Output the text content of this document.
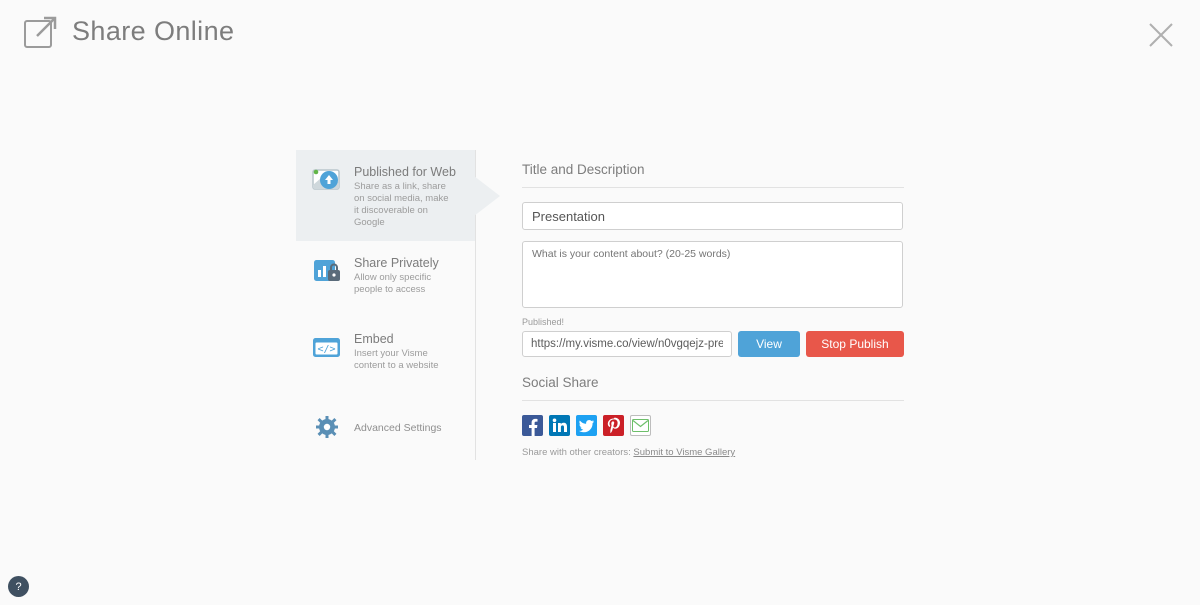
Share Online
Published for Web
Share as a link, share on social media, make it discoverable on Google
Share Privately
Allow only specific people to access
</>
Embed
Insert your Visme content to a website
Advanced Settings
Title and Description
Presentation
What is your content about? (20-25 words)
Published!
https://my.visme.co/view/n0vgqejz-presentation
View	Stop Publish
Social Share
Share with other creators: Submit to Visme Gallery
?
